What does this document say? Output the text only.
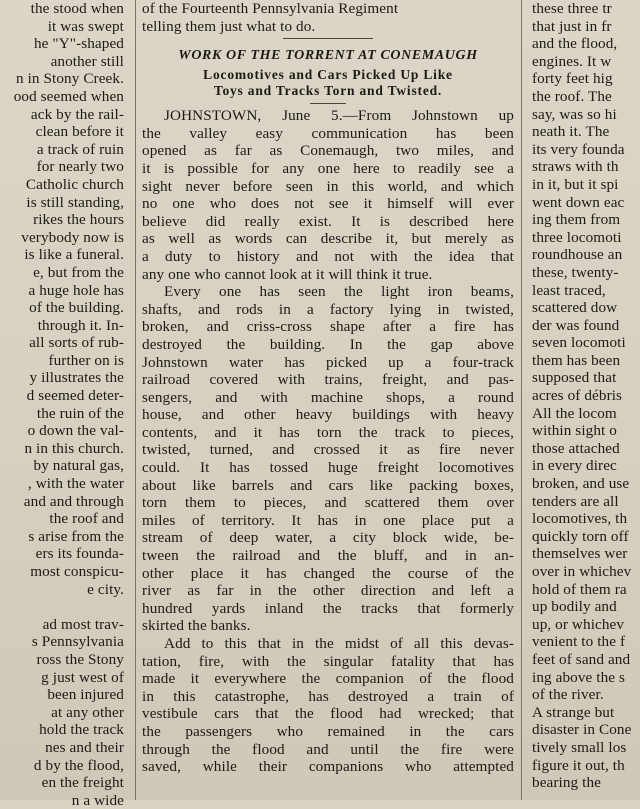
the stood when
it was swept
he "Y"-shaped
another still
n in Stony Creek.
ood seemed when
ack by the rail-
clean before it
a track of ruin
for nearly two
Catholic church
is still standing,
rikes the hours
verybody now is
is like a funeral.
e, but from the
a huge hole has
of the building.
through it. In-
all sorts of rub-
further on is
y illustrates the
d seemed deter-
the ruin of the
o down the val-
n in this church.
by natural gas,
, with the water
and and through
the roof and
s arise from the
ers its founda-
most conspicu-
e city.
ad most trav-
s Pennsylvania
ross the Stony
g just west of
been injured
at any other
hold the track
nes and their
d by the flood,
en the freight
n a wide
of the Fourteenth Pennsylvania Regiment
telling them just what to do.
WORK OF THE TORRENT AT CONEMAUGH
Locomotives and Cars Picked Up Like
Toys and Tracks Torn and Twisted.
JOHNSTOWN, June 5.—From Johnstown up
the valley easy communication has been
opened as far as Conemaugh, two miles, and
it is possible for any one here to readily see a
sight never before seen in this world, and which
no one who does not see it himself will ever
believe did really exist. It is described here
as well as words can describe it, but merely as
a duty to history and not with the idea that
any one who cannot look at it will think it true.
Every one has seen the light iron beams,
shafts, and rods in a factory lying in twisted,
broken, and criss-cross shape after a fire has
destroyed the building. In the gap above
Johnstown water has picked up a four-track
railroad covered with trains, freight, and pas-
sengers, and with machine shops, a round
house, and other heavy buildings with heavy
contents, and it has torn the track to pieces,
twisted, turned, and crossed it as fire never
could. It has tossed huge freight locomotives
about like barrels and cars like packing boxes,
torn them to pieces, and scattered them over
miles of territory. It has in one place put a
stream of deep water, a city block wide, be-
tween the railroad and the bluff, and in an-
other place it has changed the course of the
river as far in the other direction and left a
hundred yards inland the tracks that formerly
skirted the banks.
Add to this that in the midst of all this devas-
tation, fire, with the singular fatality that has
made it everywhere the companion of the flood
in this catastrophe, has destroyed a train of
vestibule cars that the flood had wrecked; that
the passengers who remained in the cars
through the flood and until the fire were
saved, while their companions who attempted
these three tr
that just in fr
and the flood,
engines. It w
forty feet hig
the roof. The
say, was so hi
neath it. The
its very founda
straws with th
in it, but it spi
went down eac
ing them from
three locomoti
roundhouse an
these, twenty-
least traced,
scattered dow
der was found
seven locomoti
them has been
supposed that
acres of débris
All the locom
within sight o
those attached
in every direc
broken, and use
tenders are all
locomotives, th
quickly torn off
themselves wer
over in whichev
hold of them ra
up bodily and
up, or whichev
venient to the f
feet of sand and
ing above the s
of the river.
A strange but
disaster in Cone
tively small los
figure it out, th
bearing the
